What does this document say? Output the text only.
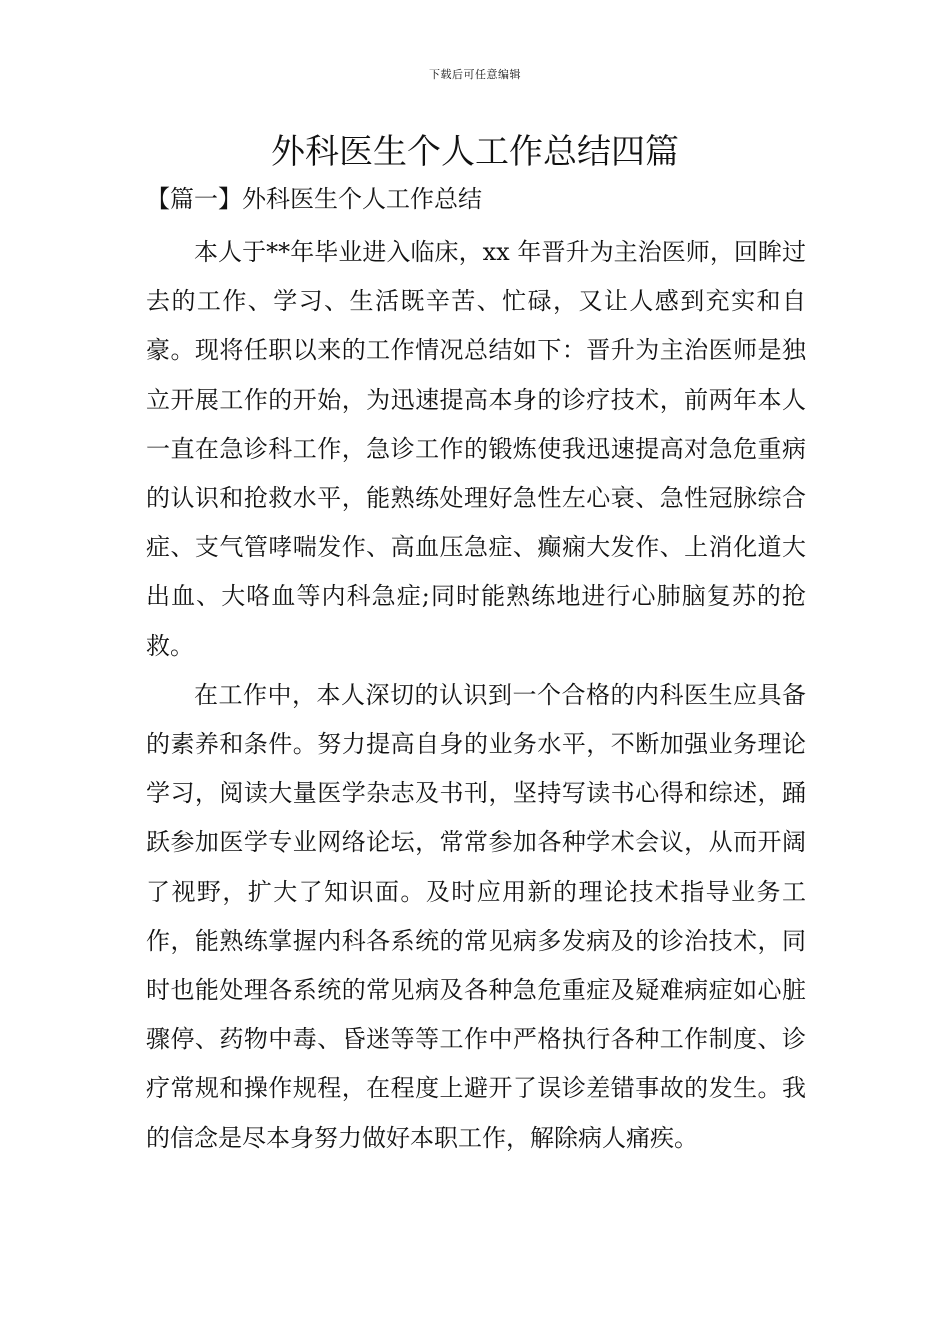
下载后可任意编辑
外科医生个人工作总结四篇
【篇一】外科医生个人工作总结

本人于**年毕业进入临床，xx 年晋升为主治医师，回眸过去的工作、学习、生活既辛苦、忙碌，又让人感到充实和自豪。现将任职以来的工作情况总结如下：晋升为主治医师是独立开展工作的开始，为迅速提高本身的诊疗技术，前两年本人一直在急诊科工作，急诊工作的锻炼使我迅速提高对急危重病的认识和抢救水平，能熟练处理好急性左心衰、急性冠脉综合症、支气管哮喘发作、高血压急症、癫痫大发作、上消化道大出血、大咯血等内科急症;同时能熟练地进行心肺脑复苏的抢救。

在工作中，本人深切的认识到一个合格的内科医生应具备的素养和条件。努力提高自身的业务水平，不断加强业务理论学习，阅读大量医学杂志及书刊，坚持写读书心得和综述，踊跃参加医学专业网络论坛，常常参加各种学术会议，从而开阔了视野，扩大了知识面。及时应用新的理论技术指导业务工作，能熟练掌握内科各系统的常见病多发病及的诊治技术，同时也能处理各系统的常见病及各种急危重症及疑难病症如心脏骤停、药物中毒、昏迷等等工作中严格执行各种工作制度、诊疗常规和操作规程，在程度上避开了误诊差错事故的发生。我的信念是尽本身努力做好本职工作，解除病人痛疾。
